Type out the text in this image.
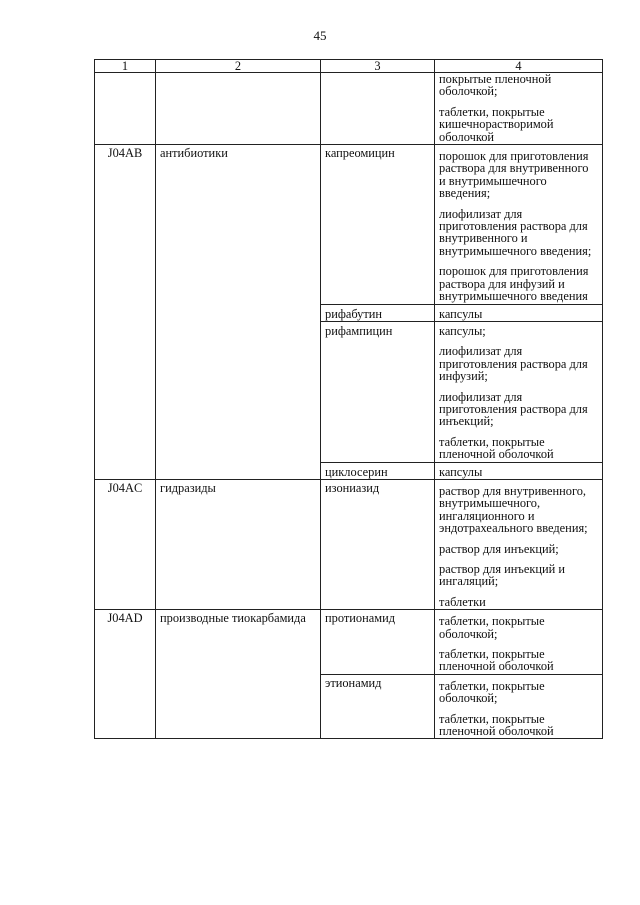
45
1	2	3	4

			покрытые пленочной оболочкой;

таблетки, покрытые кишечнорастворимой оболочкой

J04AB	антибиотики	капреомицин	порошок для приготовления раствора для внутривенного и внутримышечного введения;

лиофилизат для приготовления раствора для внутривенного и внутримышечного введения;

порошок для приготовления раствора для инфузий и внутримышечного введения

		рифабутин	капсулы

		рифампицин	капсулы;

лиофилизат для приготовления раствора для инфузий;

лиофилизат для приготовления раствора для инъекций;

таблетки, покрытые пленочной оболочкой

		циклосерин	капсулы

J04AC	гидразиды	изониазид	раствор для внутривенного, внутримышечного, ингаляционного и эндотрахеального введения;

раствор для инъекций;

раствор для инъекций и ингаляций;

таблетки

J04AD	производные тиокарбамида	протионамид	таблетки, покрытые оболочкой;

таблетки, покрытые пленочной оболочкой

		этионамид	таблетки, покрытые оболочкой;

таблетки, покрытые пленочной оболочкой
